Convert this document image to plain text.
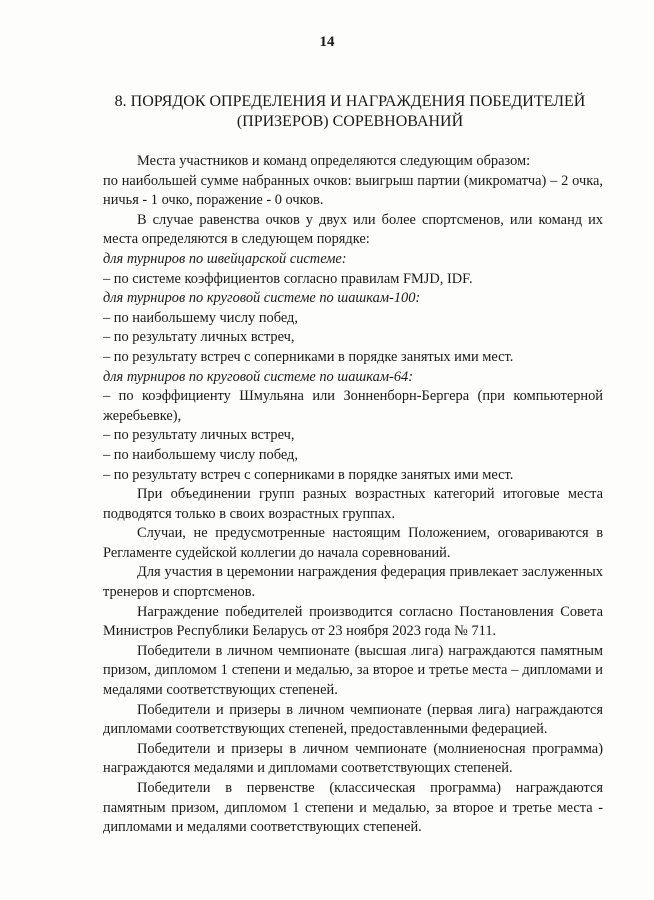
14
8. ПОРЯДОК ОПРЕДЕЛЕНИЯ И НАГРАЖДЕНИЯ ПОБЕДИТЕЛЕЙ
(ПРИЗЕРОВ) СОРЕВНОВАНИЙ

Места участников и команд определяются следующим образом:

по наибольшей сумме набранных очков: выигрыш партии (микроматча) – 2 очка, ничья - 1 очко, поражение - 0 очков.

В случае равенства очков у двух или более спортсменов, или команд их места определяются в следующем порядке:

для турниров по швейцарской системе:

– по системе коэффициентов согласно правилам FMJD, IDF.

для турниров по круговой системе по шашкам-100:

– по наибольшему числу побед,

– по результату личных встреч,

– по результату встреч с соперниками в порядке занятых ими мест.

для турниров по круговой системе по шашкам-64:

– по коэффициенту Шмульяна или Зонненборн-Бергера (при компьютерной жеребьевке),

– по результату личных встреч,

– по наибольшему числу побед,

– по результату встреч с соперниками в порядке занятых ими мест.

При объединении групп разных возрастных категорий итоговые места подводятся только в своих возрастных группах.

Случаи, не предусмотренные настоящим Положением, оговариваются в Регламенте судейской коллегии до начала соревнований.

Для участия в церемонии награждения федерация привлекает заслуженных тренеров и спортсменов.

Награждение победителей производится согласно Постановления Совета Министров Республики Беларусь от 23 ноября 2023 года № 711.

Победители в личном чемпионате (высшая лига) награждаются памятным призом, дипломом 1 степени и медалью, за второе и третье места – дипломами и медалями соответствующих степеней.

Победители и призеры в личном чемпионате (первая лига) награждаются дипломами соответствующих степеней, предоставленными федерацией.

Победители и призеры в личном чемпионате (молниеносная программа) награждаются медалями и дипломами соответствующих степеней.

Победители в первенстве (классическая программа) награждаются памятным призом, дипломом 1 степени и медалью, за второе и третье места - дипломами и медалями соответствующих степеней.
